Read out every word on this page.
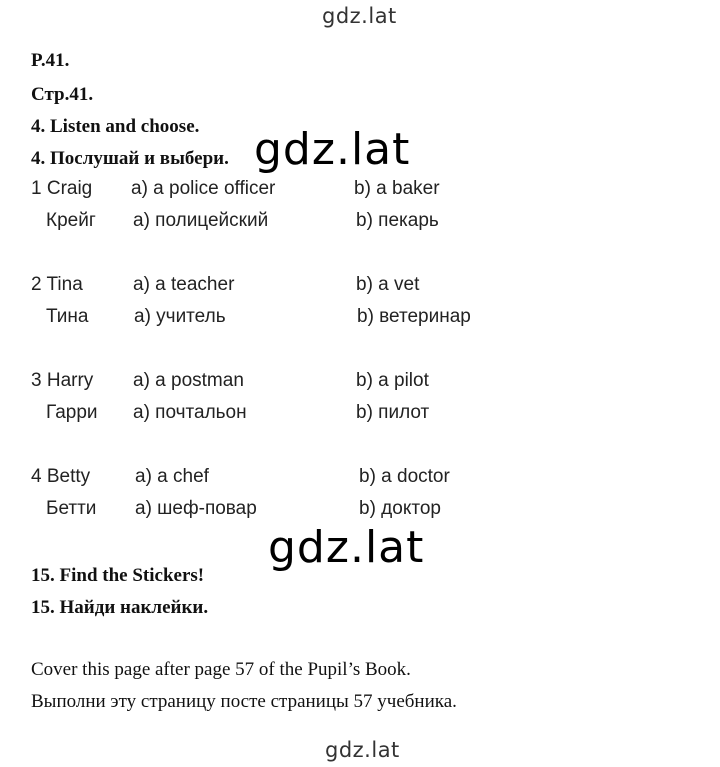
gdz.lat
P.41.
Стр.41.
4. Listen and choose.
4. Послушай и выбери. gdz.lat
1 Craig a) a police officer	b) a baker
Крейг a) полицейский	b) пекарь
2 Tina	a) a teacher	b) a vet
Тина a) учитель	b) ветеринар
3 Harry a) a postman	b) a pilot
Гарри a) почтальон	b) пилот
4 Betty a) a chef	b) a doctor
Бетти a) шеф-повар	b) доктор
gdz.lat
15. Find the Stickers!
15. Найди наклейки.
Cover this page after page 57 of the Pupil’s Book.
Выполни эту страницу посте страницы 57 учебника.
gdz.lat
